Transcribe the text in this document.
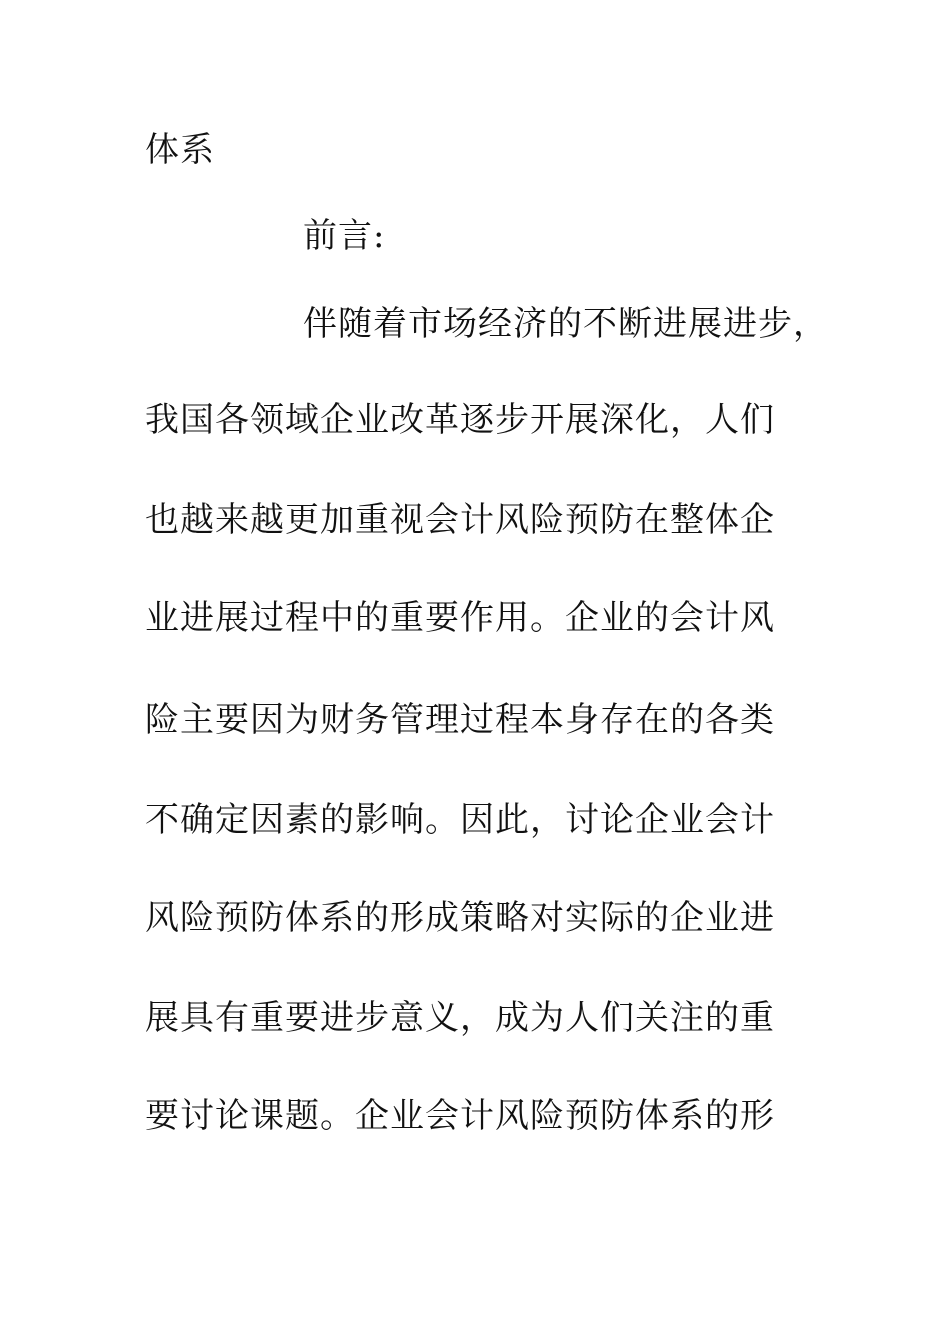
体系
前言:
伴随着市场经济的不断进展进步，
我国各领域企业改革逐步开展深化，人们
也越来越更加重视会计风险预防在整体企
业进展过程中的重要作用。企业的会计风
险主要因为财务管理过程本身存在的各类
不确定因素的影响。因此，讨论企业会计
风险预防体系的形成策略对实际的企业进
展具有重要进步意义，成为人们关注的重
要讨论课题。企业会计风险预防体系的形
